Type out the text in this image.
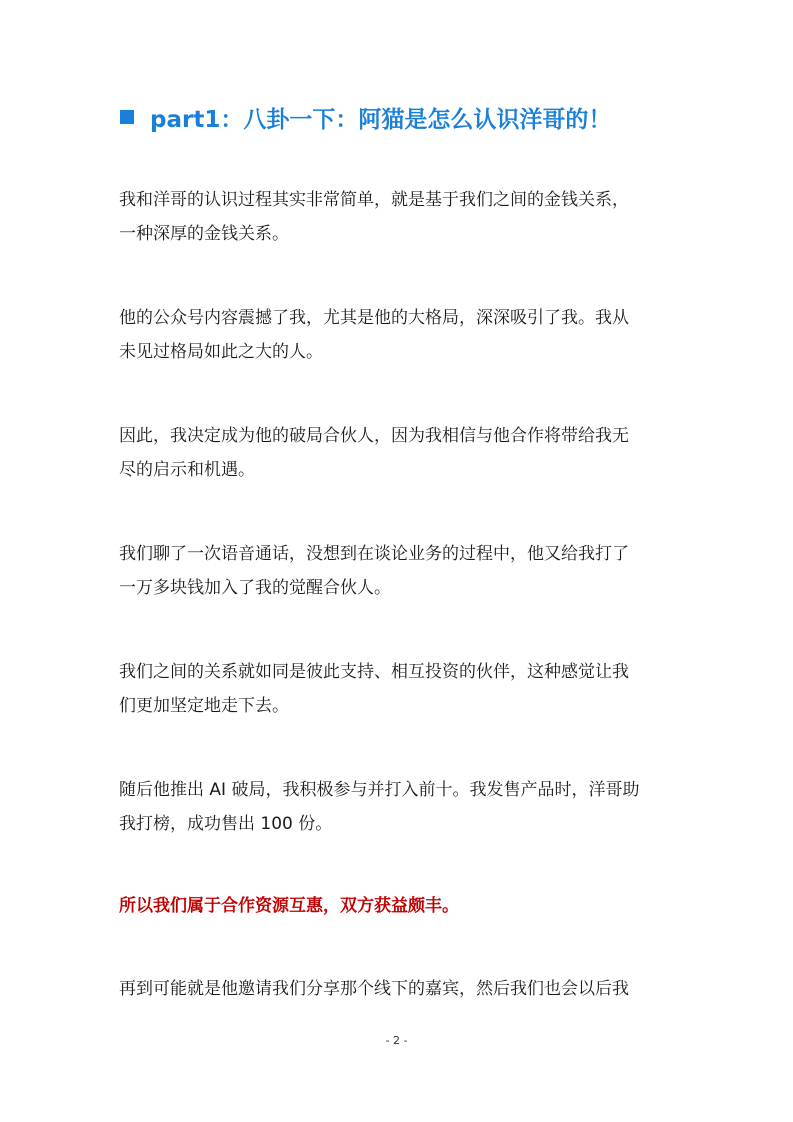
part1：八卦一下：阿猫是怎么认识洋哥的！

我和洋哥的认识过程其实非常简单，就是基于我们之间的金钱关系，
一种深厚的金钱关系。

他的公众号内容震撼了我，尤其是他的大格局，深深吸引了我。我从
未见过格局如此之大的人。

因此，我决定成为他的破局合伙人，因为我相信与他合作将带给我无
尽的启示和机遇。

我们聊了一次语音通话，没想到在谈论业务的过程中，他又给我打了
一万多块钱加入了我的觉醒合伙人。

我们之间的关系就如同是彼此支持、相互投资的伙伴，这种感觉让我
们更加坚定地走下去。

随后他推出 AI 破局，我积极参与并打入前十。我发售产品时，洋哥助
我打榜，成功售出 100 份。

所以我们属于合作资源互惠，双方获益颇丰。

再到可能就是他邀请我们分享那个线下的嘉宾，然后我们也会以后我

- 2 -
